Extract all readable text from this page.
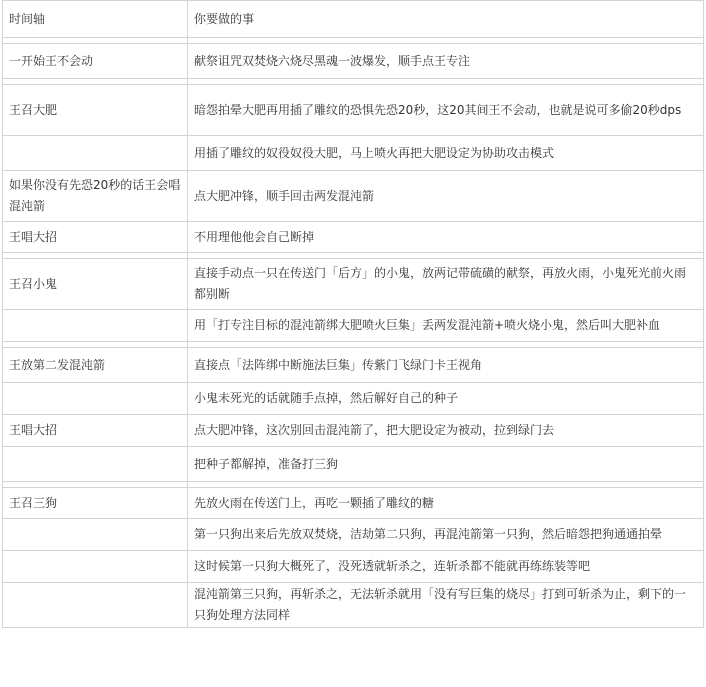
时间轴	你要做的事

一开始王不会动	献祭诅咒双焚烧六烧尽黑魂一波爆发，顺手点王专注

王召大肥	暗怨拍晕大肥再用插了雕纹的恐惧先恐20秒，这20其间王不会动，也就是说可多偷20秒dps
	用插了雕纹的奴役奴役大肥，马上喷火再把大肥设定为协助攻击模式
如果你没有先恐20秒的话王会唱混沌箭	点大肥冲锋，顺手回击两发混沌箭
王唱大招	不用理他他会自己断掉

王召小鬼	直接手动点一只在传送门「后方」的小鬼，放两记带硫磺的献祭，再放火雨，小鬼死光前火雨都别断
	用「打专注目标的混沌箭绑大肥喷火巨集」丢两发混沌箭+喷火烧小鬼，然后叫大肥补血

王放第二发混沌箭	直接点「法阵绑中断施法巨集」传紫门飞绿门卡王视角
	小鬼未死光的话就随手点掉，然后解好自己的种子
王唱大招	点大肥冲锋，这次别回击混沌箭了，把大肥设定为被动，拉到绿门去
	把种子都解掉，准备打三狗

王召三狗	先放火雨在传送门上，再吃一颗插了雕纹的糖
	第一只狗出来后先放双焚烧，洁劫第二只狗，再混沌箭第一只狗，然后暗怨把狗通通拍晕
	这时候第一只狗大概死了，没死透就斩杀之，连斩杀都不能就再练练装等吧
	混沌箭第三只狗，再斩杀之，无法斩杀就用「没有写巨集的烧尽」打到可斩杀为止，剩下的一只狗处理方法同样
